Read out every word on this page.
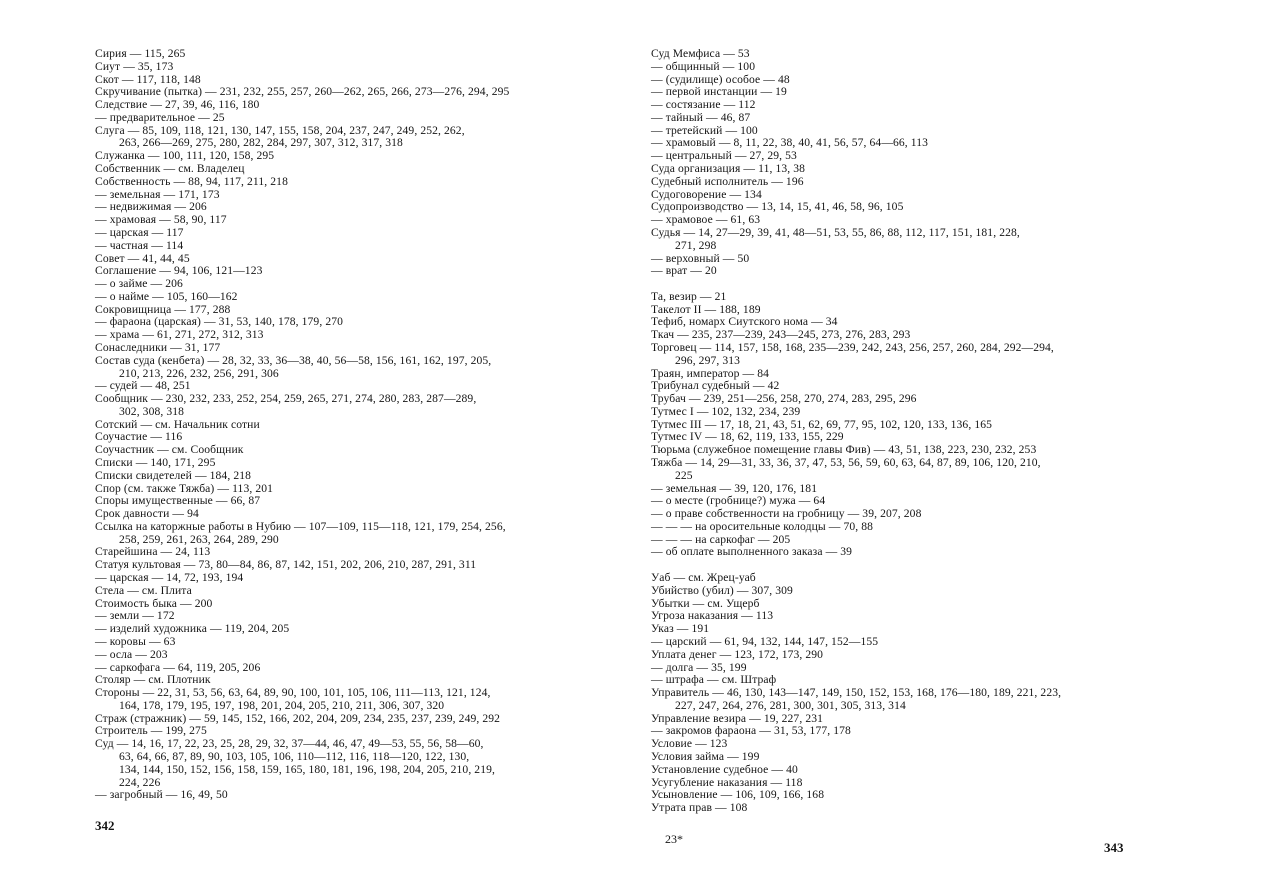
Сирия — 115, 265
Сиут — 35, 173
Скот — 117, 118, 148
Скручивание (пытка) — 231, 232, 255, 257, 260—262, 265, 266, 273—276, 294, 295
Следствие — 27, 39, 46, 116, 180
— предварительное — 25
Слуга — 85, 109, 118, 121, 130, 147, 155, 158, 204, 237, 247, 249, 252, 262,
263, 266—269, 275, 280, 282, 284, 297, 307, 312, 317, 318
Служанка — 100, 111, 120, 158, 295
Собственник — см. Владелец
Собственность — 88, 94, 117, 211, 218
— земельная — 171, 173
— недвижимая — 206
— храмовая — 58, 90, 117
— царская — 117
— частная — 114
Совет — 41, 44, 45
Соглашение — 94, 106, 121—123
— о займе — 206
— о найме — 105, 160—162
Сокровищница — 177, 288
— фараона (царская) — 31, 53, 140, 178, 179, 270
— храма — 61, 271, 272, 312, 313
Сонаследники — 31, 177
Состав суда (кенбета) — 28, 32, 33, 36—38, 40, 56—58, 156, 161, 162, 197, 205,
210, 213, 226, 232, 256, 291, 306
— судей — 48, 251
Сообщник — 230, 232, 233, 252, 254, 259, 265, 271, 274, 280, 283, 287—289,
302, 308, 318
Сотский — см. Начальник сотни
Соучастие — 116
Соучастник — см. Сообщник
Списки — 140, 171, 295
Списки свидетелей — 184, 218
Спор (см. также Тяжба) — 113, 201
Споры имущественные — 66, 87
Срок давности — 94
Ссылка на каторжные работы в Нубию — 107—109, 115—118, 121, 179, 254, 256,
258, 259, 261, 263, 264, 289, 290
Старейшина — 24, 113
Статуя культовая — 73, 80—84, 86, 87, 142, 151, 202, 206, 210, 287, 291, 311
— царская — 14, 72, 193, 194
Стела — см. Плита
Стоимость быка — 200
— земли — 172
— изделий художника — 119, 204, 205
— коровы — 63
— осла — 203
— саркофага — 64, 119, 205, 206
Столяр — см. Плотник
Стороны — 22, 31, 53, 56, 63, 64, 89, 90, 100, 101, 105, 106, 111—113, 121, 124,
164, 178, 179, 195, 197, 198, 201, 204, 205, 210, 211, 306, 307, 320
Страж (стражник) — 59, 145, 152, 166, 202, 204, 209, 234, 235, 237, 239, 249, 292
Строитель — 199, 275
Суд — 14, 16, 17, 22, 23, 25, 28, 29, 32, 37—44, 46, 47, 49—53, 55, 56, 58—60,
63, 64, 66, 87, 89, 90, 103, 105, 106, 110—112, 116, 118—120, 122, 130,
134, 144, 150, 152, 156, 158, 159, 165, 180, 181, 196, 198, 204, 205, 210, 219,
224, 226
— загробный — 16, 49, 50
342
Суд Мемфиса — 53
— общинный — 100
— (судилище) особое — 48
— первой инстанции — 19
— состязание — 112
— тайный — 46, 87
— третейский — 100
— храмовый — 8, 11, 22, 38, 40, 41, 56, 57, 64—66, 113
— центральный — 27, 29, 53
Суда организация — 11, 13, 38
Судебный исполнитель — 196
Судоговорение — 134
Судопроизводство — 13, 14, 15, 41, 46, 58, 96, 105
— храмовое — 61, 63
Судья — 14, 27—29, 39, 41, 48—51, 53, 55, 86, 88, 112, 117, 151, 181, 228,
271, 298
— верховный — 50
— врат — 20
Та, везир — 21
Такелот II — 188, 189
Тефиб, номарх Сиутского нома — 34
Ткач — 235, 237—239, 243—245, 273, 276, 283, 293
Торговец — 114, 157, 158, 168, 235—239, 242, 243, 256, 257, 260, 284, 292—294,
296, 297, 313
Траян, император — 84
Трибунал судебный — 42
Трубач — 239, 251—256, 258, 270, 274, 283, 295, 296
Тутмес I — 102, 132, 234, 239
Тутмес III — 17, 18, 21, 43, 51, 62, 69, 77, 95, 102, 120, 133, 136, 165
Тутмес IV — 18, 62, 119, 133, 155, 229
Тюрьма (служебное помещение главы Фив) — 43, 51, 138, 223, 230, 232, 253
Тяжба — 14, 29—31, 33, 36, 37, 47, 53, 56, 59, 60, 63, 64, 87, 89, 106, 120, 210,
225
— земельная — 39, 120, 176, 181
— о месте (гробнице?) мужа — 64
— о праве собственности на гробницу — 39, 207, 208
— — — на оросительные колодцы — 70, 88
— — — на саркофаг — 205
— об оплате выполненного заказа — 39
Уаб — см. Жрец-уаб
Убийство (убил) — 307, 309
Убытки — см. Ущерб
Угроза наказания — 113
Указ — 191
— царский — 61, 94, 132, 144, 147, 152—155
Уплата денег — 123, 172, 173, 290
— долга — 35, 199
— штрафа — см. Штраф
Управитель — 46, 130, 143—147, 149, 150, 152, 153, 168, 176—180, 189, 221, 223,
227, 247, 264, 276, 281, 300, 301, 305, 313, 314
Управление везира — 19, 227, 231
— закромов фараона — 31, 53, 177, 178
Условие — 123
Условия займа — 199
Установление судебное — 40
Усугубление наказания — 118
Усыновление — 106, 109, 166, 168
Утрата прав — 108
23*
343
